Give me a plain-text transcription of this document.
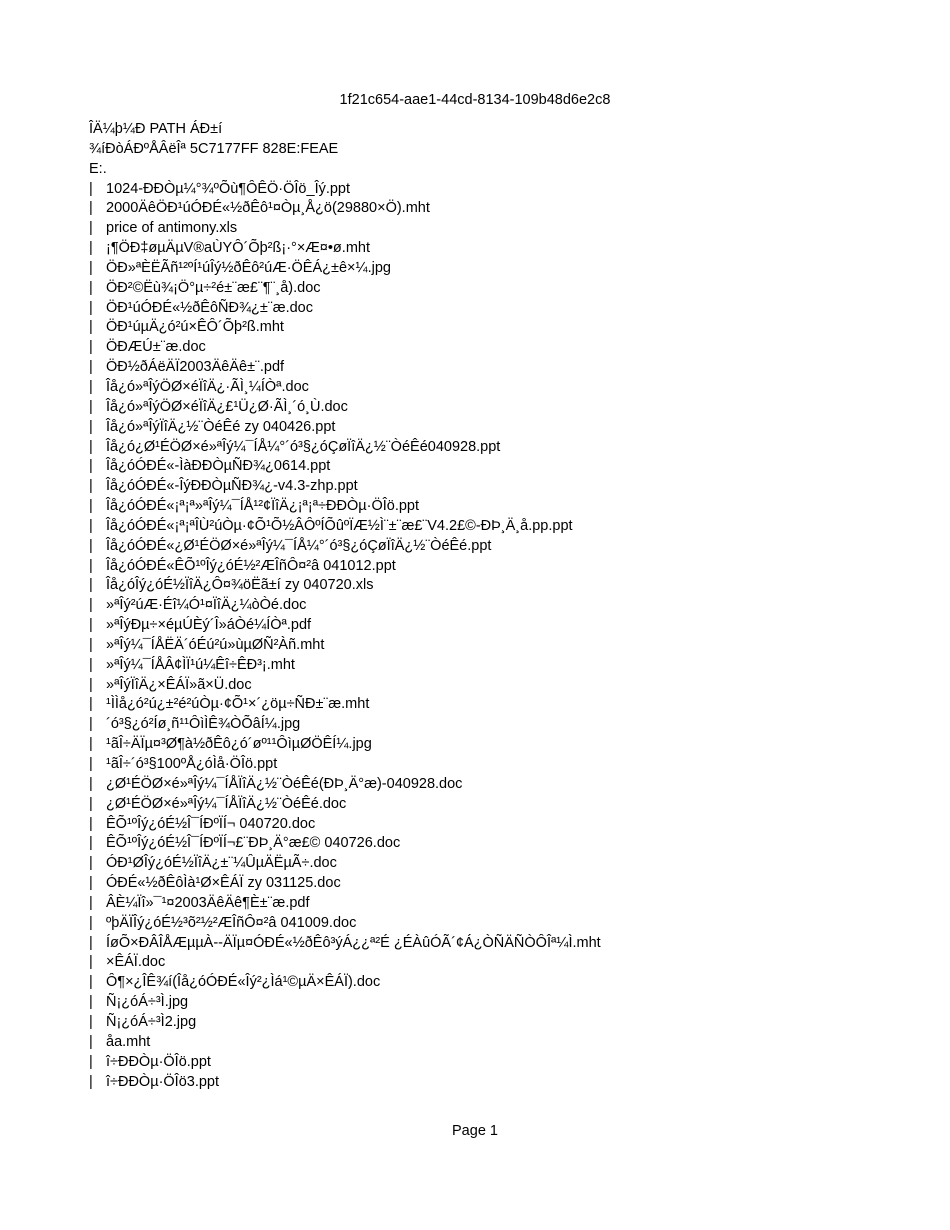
1f21c654-aae1-44cd-8134-109b48d6e2c8
ÎÄ¼þ¼Ð PATH ÁÐ±í
¾íÐòÁÐºÅÂëÎª 5C7177FF 828E:FEAE
E:.
| 1024-ÐÐÒµ¼°¾ºÕù¶ÔÊÖ·ÖÎö_Îý.ppt
| 2000ÄêÖÐ¹úÓÐÉ«½ðÊô¹¤Òµ¸Å¿ö(29880×Ö).mht
| price of antimony.xls
| ¡¶ÖÐ‡øµÄµV®aÙYÔ´Õþ²ß¡·°×Æ¤•ø.mht
| ÖÐ»ªÈËÃñ¹²ºÍ¹úÎý½ðÊô²úÆ·ÖÊÁ¿±ê×¼.jpg
| ÖÐ²©Ëù¾¡Ö°µ÷²é±¨æ£¨¶¨¸å).doc
| ÖÐ¹úÓÐÉ«½ðÊôÑÐ¾¿±¨æ.doc
| ÖÐ¹úµÄ¿ó²ú×ÊÔ´Õþ²ß.mht
| ÖÐÆÚ±¨æ.doc
| ÖÐ½ðÁëÄÏ2003ÄêÄê±¨.pdf
| Îå¿ó»ªÎýÖØ×éÏîÄ¿·ÃÌ¸¼ÍÒª.doc
| Îå¿ó»ªÎýÖØ×éÏîÄ¿£¹Ü¿Ø·ÃÌ¸´ó¸Ù.doc
| Îå¿ó»ªÎýÏîÄ¿½¨ÒéÊé zy 040426.ppt
| Îå¿ó¿Ø¹ÉÖØ×é»ªÎý¼¯ÍÅ¼°´ó³§¿óÇøÏîÄ¿½¨ÒéÊé040928.ppt
| Îå¿óÓÐÉ«-ÌàÐÐÒµÑÐ¾¿0614.ppt
| Îå¿óÓÐÉ«-ÎýÐÐÒµÑÐ¾¿-v4.3-zhp.ppt
| Îå¿óÓÐÉ«¡ª¡ª»ªÎý¼¯ÍÅ¹²¢ÏîÄ¿¡ª¡ª÷ÐÐÒµ·ÖÎö.ppt
| Îå¿óÓÐÉ«¡ª¡ªÎÙ²úÒµ·¢Õ¹Õ½ÂÔºÍÕûºÏÆ½Ì¨±¨æ£¨V4.2£©-ÐÞ¸Ä¸å.pp.ppt
| Îå¿óÓÐÉ«¿Ø¹ÉÖØ×é»ªÎý¼¯ÍÅ¼°´ó³§¿óÇøÏîÄ¿½¨ÒéÊé.ppt
| Îå¿óÓÐÉ«ÊÕ¹ºÎý¿óÉ½²ÆÎñÔ¤²â 041012.ppt
| Îå¿óÎý¿óÉ½ÏîÄ¿Ô¤¾öËã±í zy 040720.xls
| »ªÎý²úÆ·Éî¼Ó¹¤ÏîÄ¿¼òÒé.doc
| »ªÎýÐµ÷×éµÚÈý´Î»áÒé¼ÍÒª.pdf
| »ªÎý¼¯ÍÅËÄ´óÉú²ú»ùµØÑ²Àñ.mht
| »ªÎý¼¯ÍÅÂ¢ÌÏ¹ú¼Êî÷ÊÐ³¡.mht
| »ªÎýÏîÄ¿×ÊÁÏ»ã×Ü.doc
| ¹ÌÌå¿ó²ú¿±²é²úÒµ·¢Õ¹×´¿öµ÷ÑÐ±¨æ.mht
| ´ó³§¿ó²Íø¸ñ¹¹ÔìÌÊ¾ÒÕâÍ¼.jpg
| ¹ãÎ÷ÄÏµ¤³Ø¶à½ðÊô¿ó´øº¹¹ÔìµØÖÊÍ¼.jpg
| ¹ãÎ÷´ó³§100ºÅ¿óÌå·ÖÎö.ppt
| ¿Ø¹ÉÖØ×é»ªÎý¼¯ÍÅÏîÄ¿½¨ÒéÊé(ÐÞ¸Ä°æ)-040928.doc
| ¿Ø¹ÉÖØ×é»ªÎý¼¯ÍÅÏîÄ¿½¨ÒéÊé.doc
| ÊÕ¹ºÎý¿óÉ½Î¯ÍÐºÏÍ¬ 040720.doc
| ÊÕ¹ºÎý¿óÉ½Î¯ÍÐºÏÍ¬£¨ÐÞ¸Ä°æ£© 040726.doc
| ÓÐ¹ØÎý¿óÉ½ÏîÄ¿±¨¼ÛµÄËµÃ÷.doc
| ÓÐÉ«½ðÊôÌà¹Ø×ÊÁÏ zy 031125.doc
| ÂÈ¼Ïî»¯¹¤2003ÄêÄê¶È±¨æ.pdf
| ºþÄÏÎý¿óÉ½³õ²½²ÆÎñÔ¤²â 041009.doc
| ÍøÕ×ÐÂÎÅÆµµÀ--ÄÏµ¤ÓÐÉ«½ðÊô³ýÁ¿¿ª²É ¿ÉÀûÓÃ´¢Á¿ÒÑÄÑÒÔÎª¼Ì.mht
| ×ÊÁÏ.doc
| Ô¶×¿ÎÊ¾í(Îå¿óÓÐÉ«Îý²¿Ìá¹©µÄ×ÊÁÏ).doc
| Ñ¡¿óÁ÷³Ì.jpg
| Ñ¡¿óÁ÷³Ì2.jpg
| åa.mht
| î÷ÐÐÒµ·ÖÎö.ppt
| î÷ÐÐÒµ·ÖÎö3.ppt
Page 1
